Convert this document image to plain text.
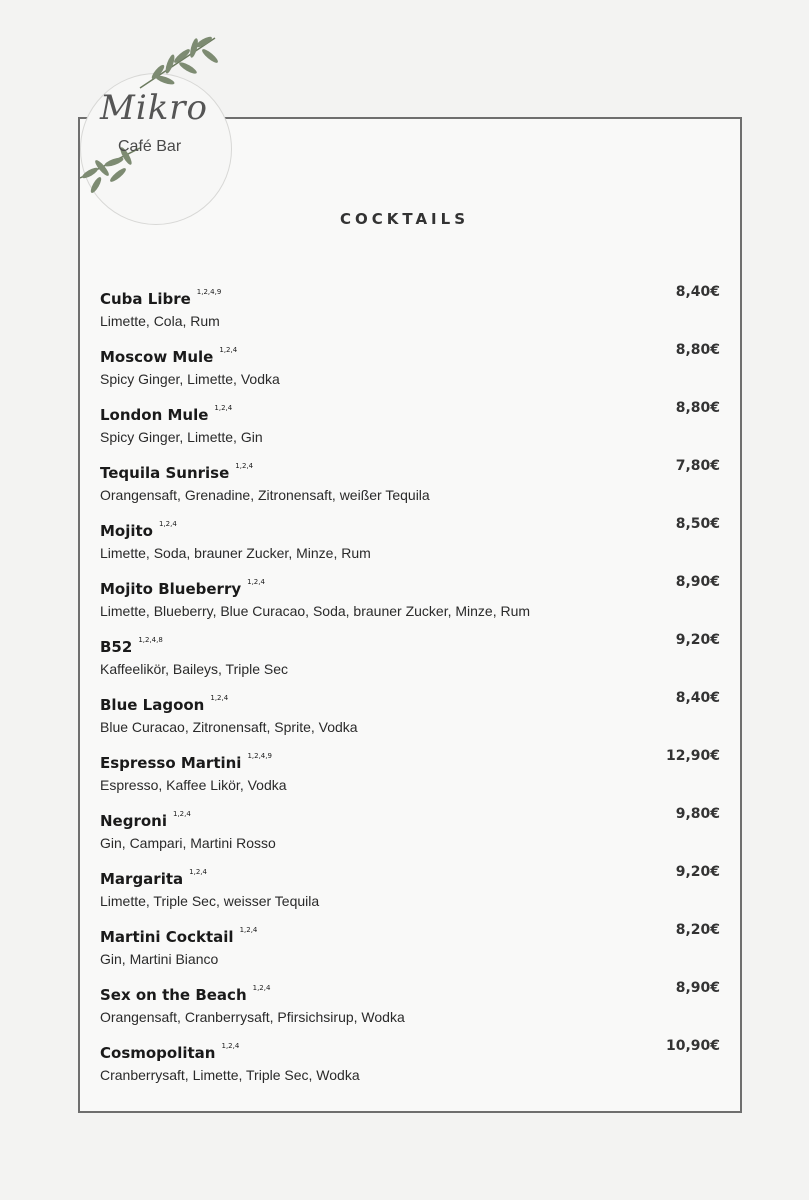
Mikro
Café Bar
COCKTAILS
Cuba Libre $^{1,2,4,9}$	8,40€
Limette, Cola, Rum
Moscow Mule $^{1,2,4}$	8,80€
Spicy Ginger, Limette, Vodka
London Mule $^{1,2,4}$	8,80€
Spicy Ginger, Limette, Gin
Tequila Sunrise $^{1,2,4}$	7,80€
Orangensaft, Grenadine, Zitronensaft, weißer Tequila
Mojito $^{1,2,4}$	8,50€
Limette, Soda, brauner Zucker, Minze, Rum
Mojito Blueberry $^{1,2,4}$	8,90€
Limette, Blueberry, Blue Curacao, Soda, brauner Zucker, Minze, Rum
B52 $^{1,2,4,8}$	9,20€
Kaffeelikör, Baileys, Triple Sec
Blue Lagoon $^{1,2,4}$	8,40€
Blue Curacao, Zitronensaft, Sprite, Vodka
Espresso Martini $^{1,2,4,9}$	12,90€
Espresso, Kaffee Likör, Vodka
Negroni $^{1,2,4}$	9,80€
Gin, Campari, Martini Rosso
Margarita $^{1,2,4}$	9,20€
Limette, Triple Sec, weisser Tequila
Martini Cocktail $^{1,2,4}$	8,20€
Gin, Martini Bianco
Sex on the Beach $^{1,2,4}$	8,90€
Orangensaft, Cranberrysaft, Pfirsichsirup, Wodka
Cosmopolitan $^{1,2,4}$	10,90€
Cranberrysaft, Limette, Triple Sec, Wodka
